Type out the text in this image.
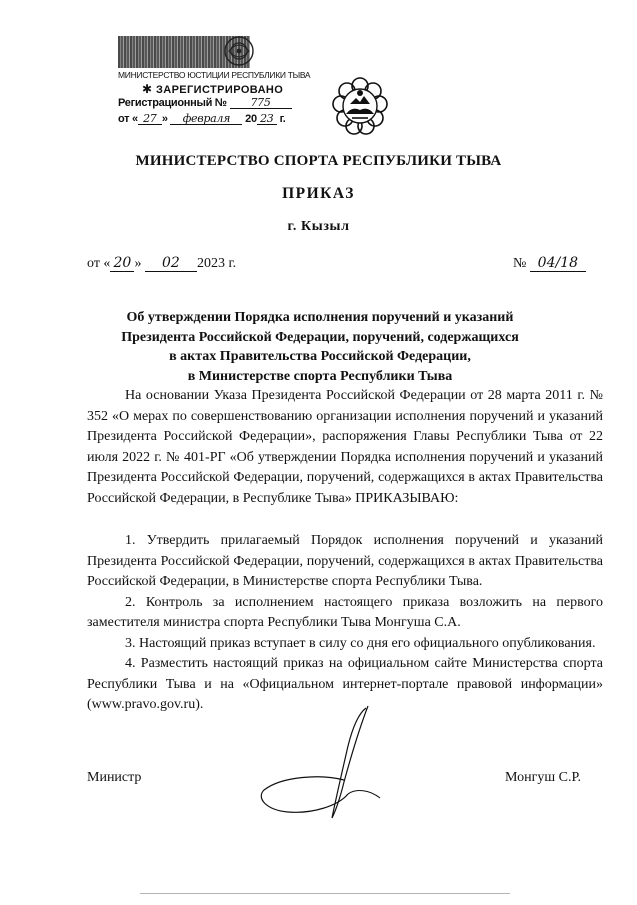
МИНИСТЕРСТВО ЮСТИЦИИ РЕСПУБЛИКИ ТЫВА
✱ ЗАРЕГИСТРИРОВАНО
Регистрационный № 775
от « 27 » февраля 20 23 г.
МИНИСТЕРСТВО СПОРТА РЕСПУБЛИКИ ТЫВА
ПРИКАЗ
г. Кызыл
от « 20 » 02 2023 г.	№ 04/18
Об утверждении Порядка исполнения поручений и указаний
Президента Российской Федерации, поручений, содержащихся
в актах Правительства Российской Федерации,
в Министерстве спорта Республики Тыва
На основании Указа Президента Российской Федерации от 28 марта 2011 г. № 352 «О мерах по совершенствованию организации исполнения поручений и указаний Президента Российской Федерации», распоряжения Главы Республики Тыва от 22 июля 2022 г. № 401-РГ «Об утверждении Порядка исполнения поручений и указаний Президента Российской Федерации, поручений, содержащихся в актах Правительства Российской Федерации, в Республике Тыва» ПРИКАЗЫВАЮ:

1. Утвердить прилагаемый Порядок исполнения поручений и указаний Президента Российской Федерации, поручений, содержащихся в актах Правительства Российской Федерации, в Министерстве спорта Республики Тыва.

2. Контроль за исполнением настоящего приказа возложить на первого заместителя министра спорта Республики Тыва Монгуша С.А.

3. Настоящий приказ вступает в силу со дня его официального опубликования.

4. Разместить настоящий приказ на официальном сайте Министерства спорта Республики Тыва и на «Официальном интернет-портале правовой информации» (www.pravo.gov.ru).

Министр	Монгуш С.Р.
